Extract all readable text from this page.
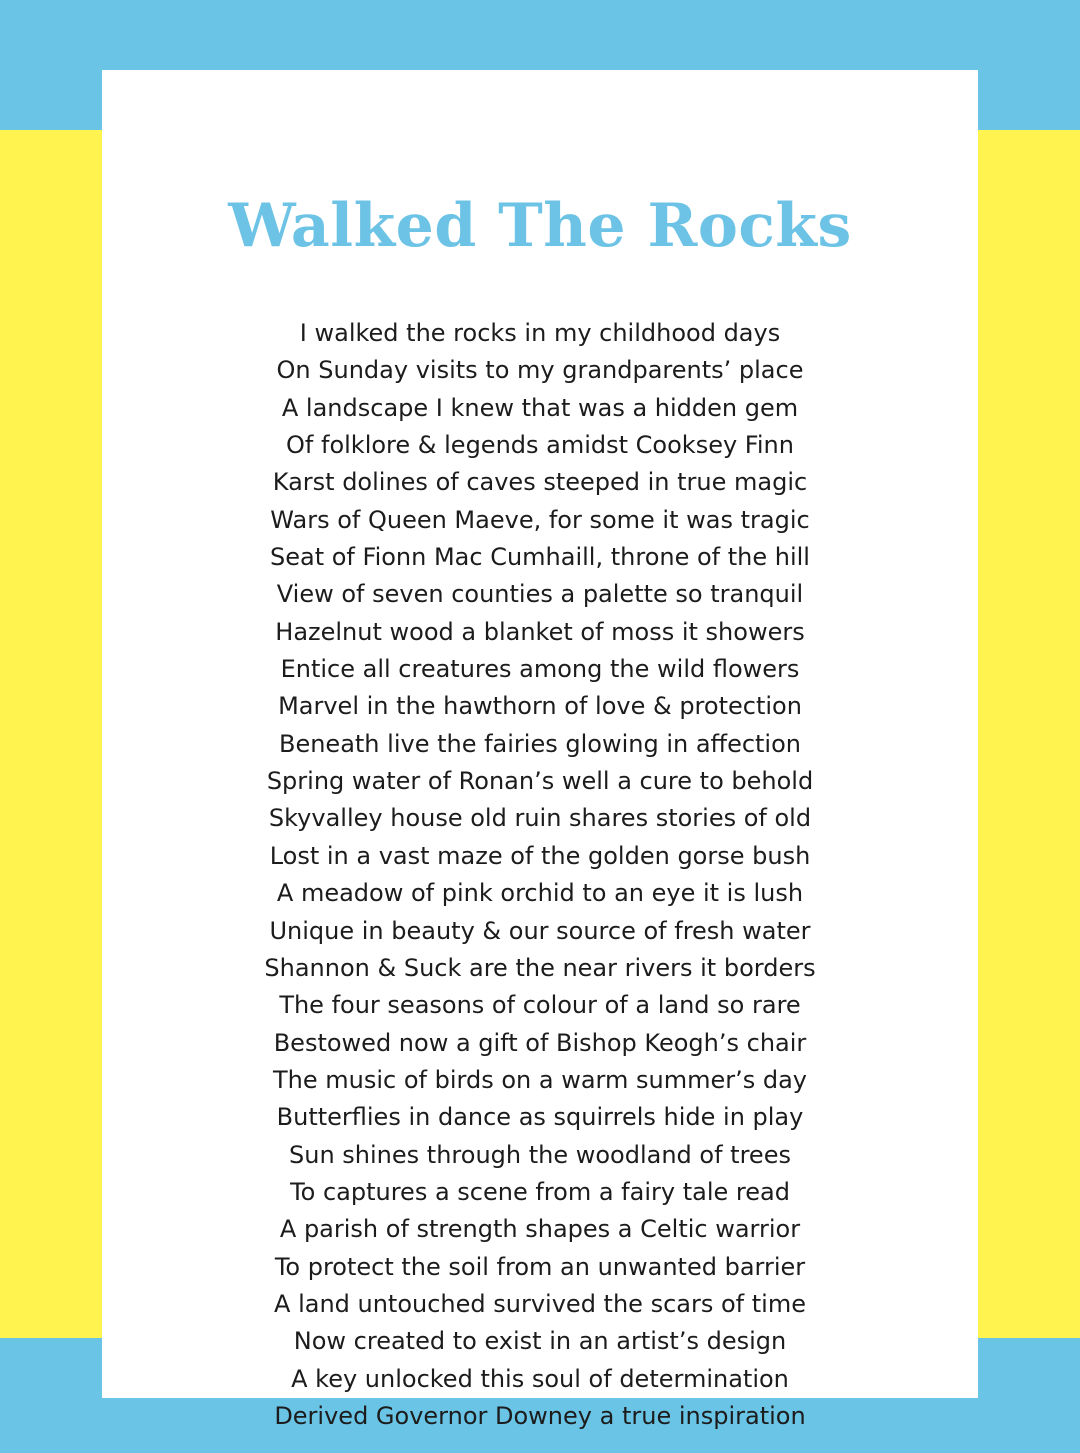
Walked The Rocks
I walked the rocks in my childhood days
On Sunday visits to my grandparents’ place
A landscape I knew that was a hidden gem
Of folklore & legends amidst Cooksey Finn
Karst dolines of caves steeped in true magic
Wars of Queen Maeve, for some it was tragic
Seat of Fionn Mac Cumhaill, throne of the hill
View of seven counties a palette so tranquil
Hazelnut wood a blanket of moss it showers
Entice all creatures among the wild flowers
Marvel in the hawthorn of love & protection
Beneath live the fairies glowing in affection
Spring water of Ronan’s well a cure to behold
Skyvalley house old ruin shares stories of old
Lost in a vast maze of the golden gorse bush
A meadow of pink orchid to an eye it is lush
Unique in beauty & our source of fresh water
Shannon & Suck are the near rivers it borders
The four seasons of colour of a land so rare
Bestowed now a gift of Bishop Keogh’s chair
The music of birds on a warm summer’s day
Butterflies in dance as squirrels hide in play
Sun shines through the woodland of trees
To captures a scene from a fairy tale read
A parish of strength shapes a Celtic warrior
To protect the soil from an unwanted barrier
A land untouched survived the scars of time
Now created to exist in an artist’s design
A key unlocked this soul of determination
Derived Governor Downey a true inspiration
